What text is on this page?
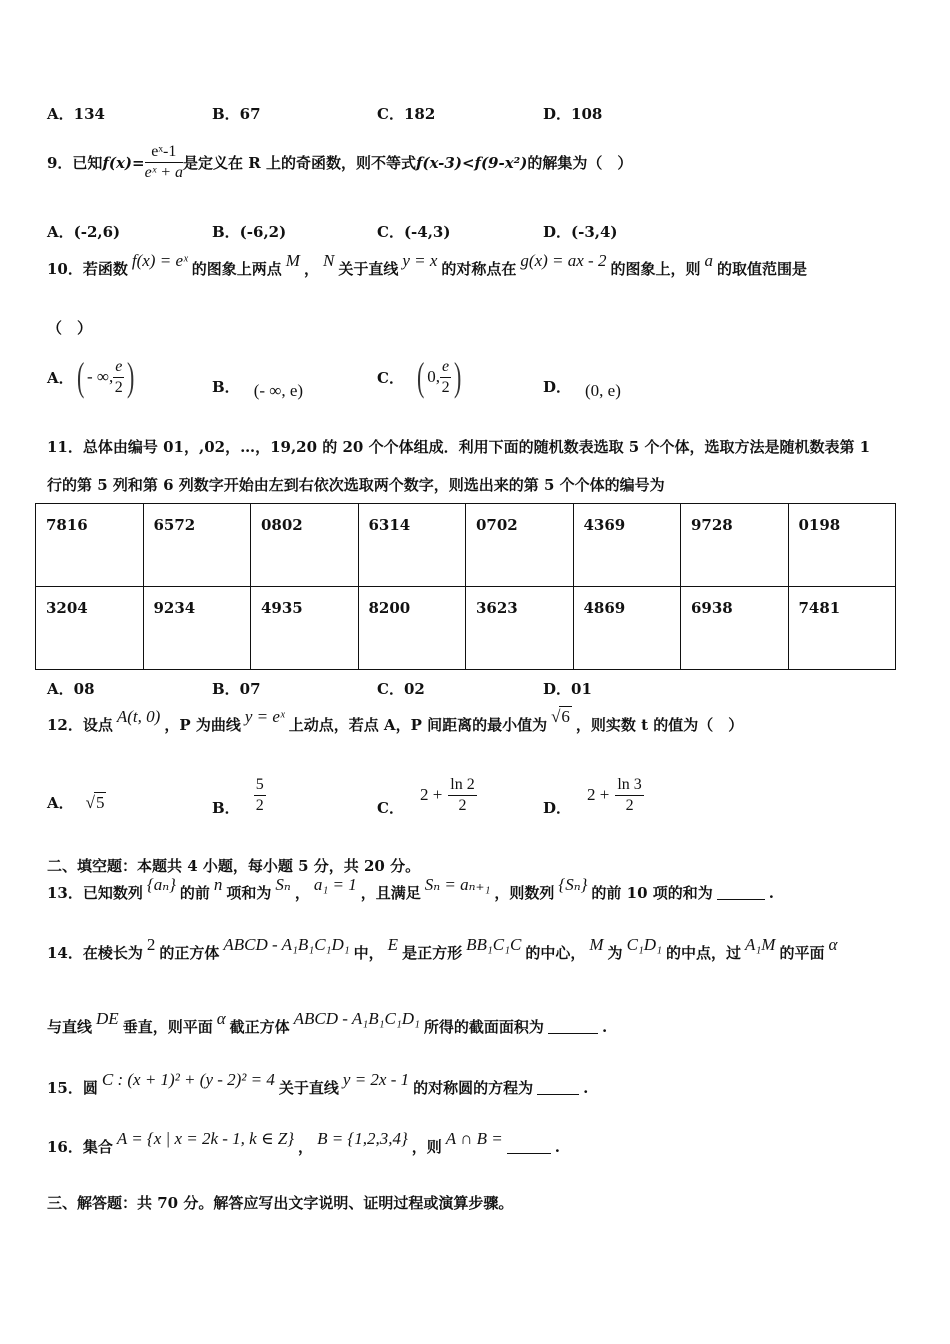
A．134	B．67	C．182	D．108
9．已知 $f(x)= \frac{\text{eˣ-1}}{\text{eˣ + a}}$ 是定义在 R 上的奇函数，则不等式 f(x-3)<f(9-x²) 的解集为（　）
A．(-2,6)	B．(-6,2)	C．(-4,3)	D．(-3,4)
10．若函数 f(x) = eˣ 的图象上两点 M ， N 关于直线 y = x 的对称点在 g(x) = ax - 2 的图象上，则 a 的取值范围是
（　）
A． ( - ∞, $\frac{e}{2}$ )	B． (- ∞, e)
C． ( 0, $\frac{e}{2}$ )	D． (0, e)
11．总体由编号 01，,02，…，19,20 的 20 个个体组成．利用下面的随机数表选取 5 个个体，选取方法是随机数表第 1
行的第 5 列和第 6 列数字开始由左到右依次选取两个数字，则选出来的第 5 个个体的编号为
7816	6572	0802	6314	0702	4369	9728	0198
3204	9234	4935	8200	3623	4869	6938	7481
A．08	B．07	C．02	D．01
12．设点 A(t, 0) ，P 为曲线 y = eˣ 上动点，若点 A，P 间距离的最小值为 √6 ，则实数 t 的值为（　）
A． √5	B． $\frac{5}{2}$	C．
$2 + \frac{\ln 2}{2}$	D．
$2 + \frac{\ln 3}{2}$
二、填空题：本题共 4 小题，每小题 5 分，共 20 分。
13．已知数列 {aₙ} 的前 n 项和为 Sₙ ， a₁ = 1 ，且满足 Sₙ = aₙ₊₁ ，则数列 {Sₙ} 的前 10 项的和为	.
14．在棱长为 2 的正方体 ABCD - A₁B₁C₁D₁ 中， E 是正方形 BB₁C₁C 的中心， M 为 C₁D₁ 的中点，过 A₁M 的平面 α
与直线 DE 垂直，则平面 α 截正方体 ABCD - A₁B₁C₁D₁ 所得的截面面积为	.
15．圆 C : (x + 1)² + (y - 2)² = 4 关于直线 y = 2x - 1 的对称圆的方程为	.
16．集合 A = {x | x = 2k - 1, k ∈ Z} ， B = {1,2,3,4} ，则 A ∩ B =	.
三、解答题：共 70 分。解答应写出文字说明、证明过程或演算步骤。
